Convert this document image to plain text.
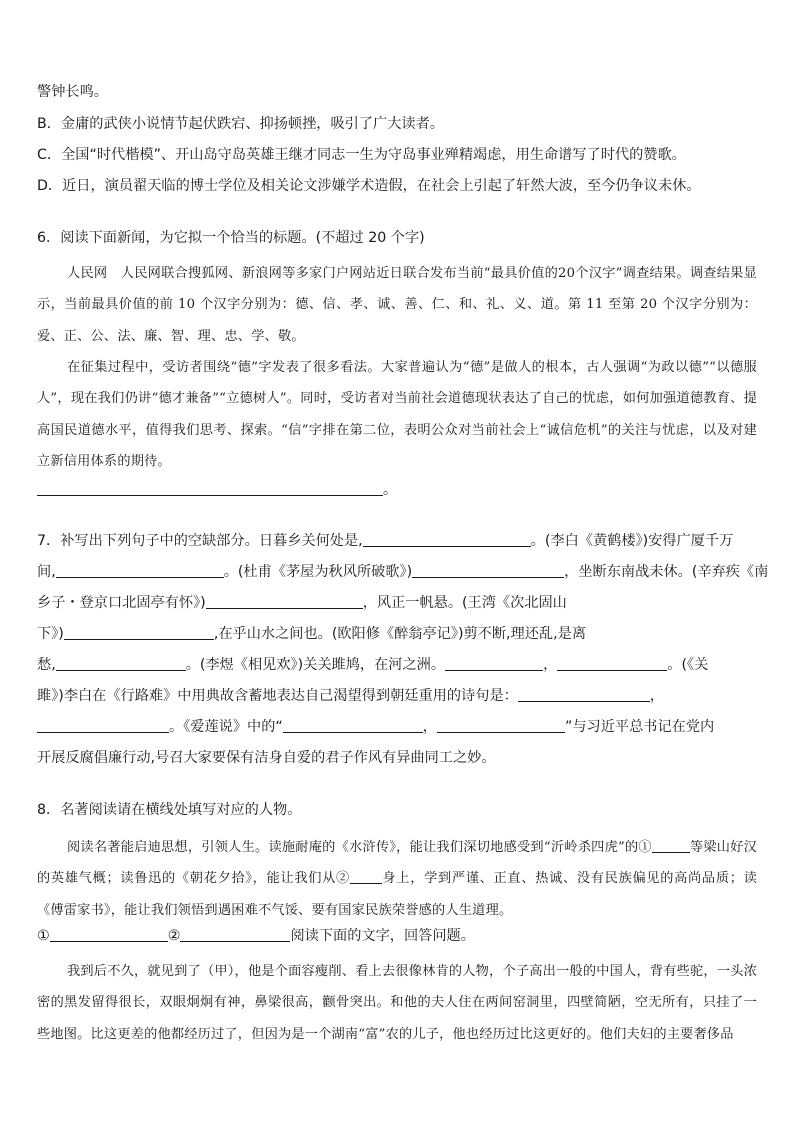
警钟长鸣。
B．金庸的武侠小说情节起伏跌宕、抑扬顿挫，吸引了广大读者。
C．全国“时代楷模”、开山岛守岛英雄王继才同志一生为守岛事业殚精竭虑，用生命谱写了时代的赞歌。
D．近日，演员翟天临的博士学位及相关论文涉嫌学术造假，在社会上引起了轩然大波，至今仍争议未休。
6．阅读下面新闻，为它拟一个恰当的标题。(不超过 20 个字)
人民网　人民网联合搜狐网、新浪网等多家门户网站近日联合发布当前“最具价值的20个汉字”调查结果。调查结果显示，当前最具价值的前 10 个汉字分别为：德、信、孝、诚、善、仁、和、礼、义、道。第 11 至第 20 个汉字分别为：爱、正、公、法、廉、智、理、忠、学、敬。
在征集过程中，受访者围绕“德”字发表了很多看法。大家普遍认为“德”是做人的根本，古人强调“为政以德”“以德服人”，现在我们仍讲“德才兼备”“立德树人”。同时，受访者对当前社会道德现状表达了自己的忧虑，如何加强道德教育、提高国民道德水平，值得我们思考、探索。“信”字排在第二位，表明公众对当前社会上“诚信危机”的关注与忧虑，以及对建立新信用体系的期待。
。
7．补写出下列句子中的空缺部分。日暮乡关何处是,	。(李白《黄鹤楼》)安得广厦千万
间,	。(杜甫《茅屋为秋风所破歌》)	，坐断东南战未休。(辛弃疾《南
乡子・登京口北固亭有怀》)	，风正一帆悬。(王湾《次北固山
下》)	,在乎山水之间也。(欧阳修《醉翁亭记》)剪不断,理还乱,是离
愁,	。(李煜《相见欢》)关关雎鸠，在河之洲。	，	。(《关
雎》)李白在《行路难》中用典故含蓄地表达自己渴望得到朝廷重用的诗句是：	，
。《爱莲说》中的“	，	”与习近平总书记在党内
开展反腐倡廉行动,号召大家要保有洁身自爱的君子作风有异曲同工之妙。
8．名著阅读请在横线处填写对应的人物。
阅读名著能启迪思想，引领人生。读施耐庵的《水浒传》，能让我们深切地感受到“沂岭杀四虎”的①	等梁山好汉的英雄气概；读鲁迅的《朝花夕拾》，能让我们从② 身上，学到严谨、正直、热诚、没有民族偏见的高尚品质；读《傅雷家书》，能让我们领悟到遇困难不气馁、要有国家民族荣誉感的人生道理。
①	②	阅读下面的文字，回答问题。
我到后不久，就见到了（甲），他是个面容瘦削、看上去很像林肯的人物，个子高出一般的中国人，背有些驼，一头浓密的黑发留得很长，双眼炯炯有神，鼻梁很高，颧骨突出。和他的夫人住在两间窑洞里，四壁简陋，空无所有，只挂了一些地图。比这更差的他都经历过了，但因为是一个湖南“富”农的儿子，他也经历过比这更好的。他们夫妇的主要奢侈品
